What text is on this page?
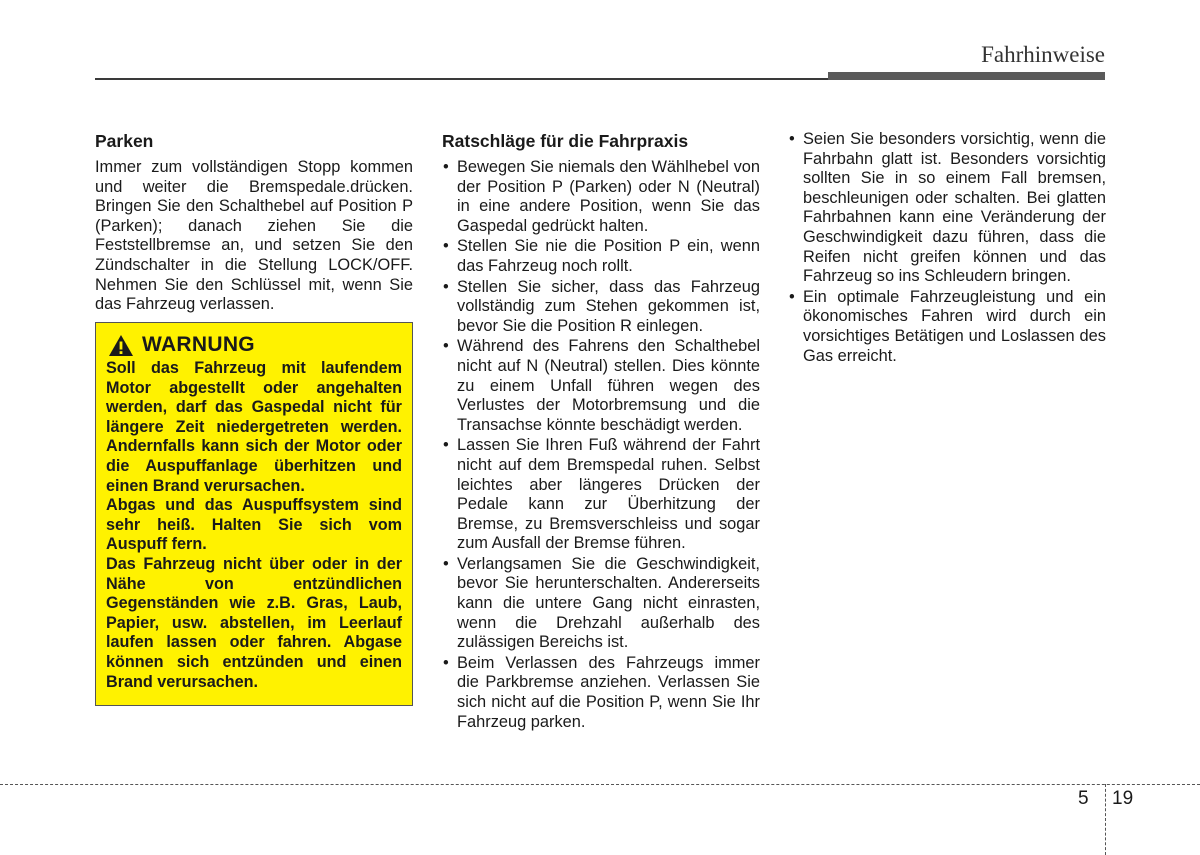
Fahrhinweise
Parken

Immer zum vollständigen Stopp kommen und weiter die Bremspedale.drücken. Bringen Sie den Schalthebel auf Position P (Parken); danach ziehen Sie die Feststellbremse an, und setzen Sie den Zündschalter in die Stellung LOCK/OFF. Nehmen Sie den Schlüssel mit, wenn Sie das Fahrzeug verlassen.

WARNUNG

Soll das Fahrzeug mit laufendem Motor abgestellt oder angehalten werden, darf das Gaspedal nicht für längere Zeit niedergetreten werden. Andernfalls kann sich der Motor oder die Auspuffanlage überhitzen und einen Brand verursachen.

Abgas und das Auspuffsystem sind sehr heiß. Halten Sie sich vom Auspuff fern.

Das Fahrzeug nicht über oder in der Nähe von entzündlichen Gegenständen wie z.B. Gras, Laub, Papier, usw. abstellen, im Leerlauf laufen lassen oder fahren. Abgase können sich entzünden und einen Brand verursachen.

Ratschläge für die Fahrpraxis
• Bewegen Sie niemals den Wählhebel von der Position P (Parken) oder N (Neutral) in eine andere Position, wenn Sie das Gaspedal gedrückt halten.
• Stellen Sie nie die Position P ein, wenn das Fahrzeug noch rollt.
• Stellen Sie sicher, dass das Fahrzeug vollständig zum Stehen gekommen ist, bevor Sie die Position R einlegen.
• Während des Fahrens den Schalthebel nicht auf N (Neutral) stellen. Dies könnte zu einem Unfall führen wegen des Verlustes der Motorbremsung und die Transachse könnte beschädigt werden.
• Lassen Sie Ihren Fuß während der Fahrt nicht auf dem Bremspedal ruhen. Selbst leichtes aber längeres Drücken der Pedale kann zur Überhitzung der Bremse, zu Bremsverschleiss und sogar zum Ausfall der Bremse führen.
• Verlangsamen Sie die Geschwindigkeit, bevor Sie herunterschalten. Andererseits kann die untere Gang nicht einrasten, wenn die Drehzahl außerhalb des zulässigen Bereichs ist.
• Beim Verlassen des Fahrzeugs immer die Parkbremse anziehen. Verlassen Sie sich nicht auf die Position P, wenn Sie Ihr Fahrzeug parken.
• Seien Sie besonders vorsichtig, wenn die Fahrbahn glatt ist. Besonders vorsichtig sollten Sie in so einem Fall bremsen, beschleunigen oder schalten. Bei glatten Fahrbahnen kann eine Veränderung der Geschwindigkeit dazu führen, dass die Reifen nicht greifen können und das Fahrzeug so ins Schleudern bringen.
• Ein optimale Fahrzeugleistung und ein ökonomisches Fahren wird durch ein vorsichtiges Betätigen und Loslassen des Gas erreicht.
5 19
